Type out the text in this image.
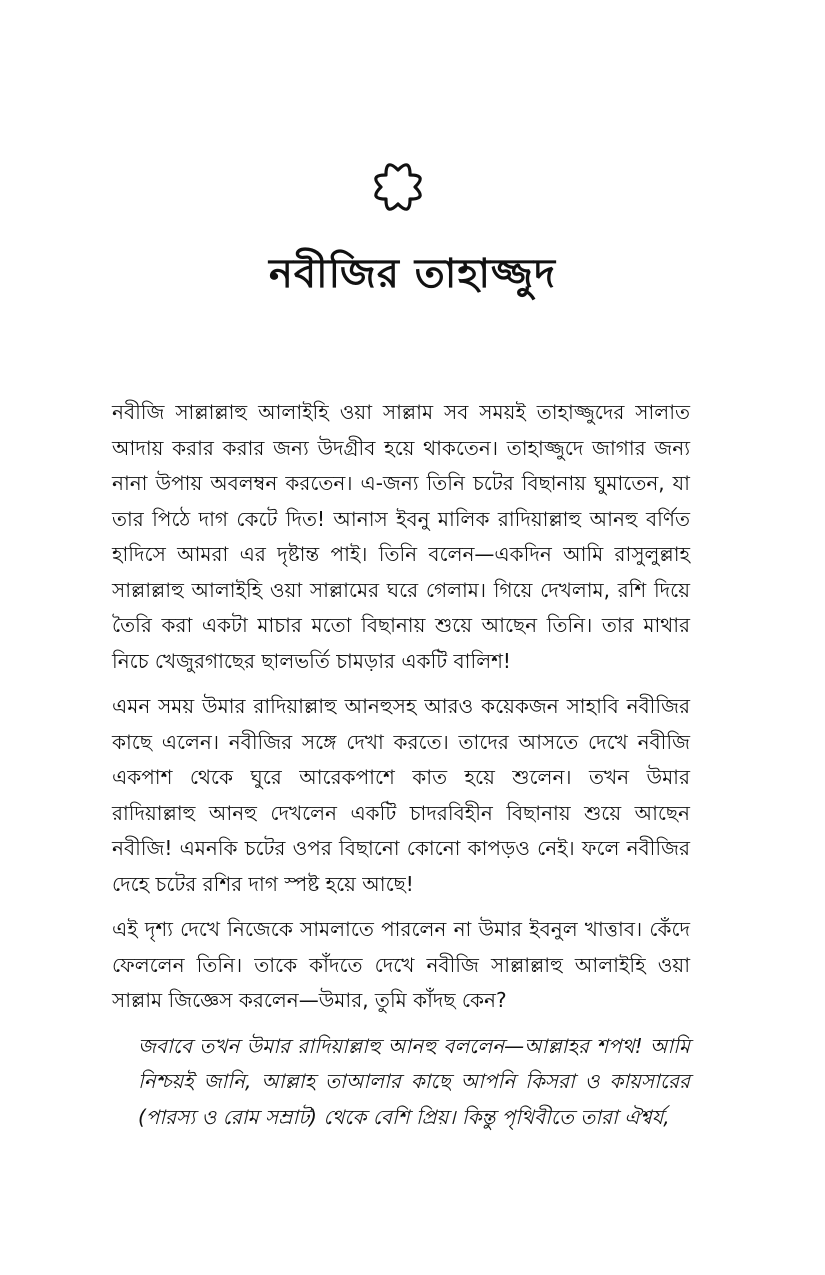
নবীজির তাহাজ্জুদ

নবীজি সাল্লাল্লাহু আলাইহি ওয়া সাল্লাম সব সময়ই তাহাজ্জুদের সালাত আদায় করার করার জন্য উদগ্রীব হয়ে থাকতেন। তাহাজ্জুদে জাগার জন্য নানা উপায় অবলম্বন করতেন। এ-জন্য তিনি চটের বিছানায় ঘুমাতেন, যা তার পিঠে দাগ কেটে দিত! আনাস ইবনু মালিক রাদিয়াল্লাহু আনহু বর্ণিত হাদিসে আমরা এর দৃষ্টান্ত পাই। তিনি বলেন—একদিন আমি রাসুলুল্লাহ সাল্লাল্লাহু আলাইহি ওয়া সাল্লামের ঘরে গেলাম। গিয়ে দেখলাম, রশি দিয়ে তৈরি করা একটা মাচার মতো বিছানায় শুয়ে আছেন তিনি। তার মাথার নিচে খেজুরগাছের ছালভর্তি চামড়ার একটি বালিশ!

এমন সময় উমার রাদিয়াল্লাহু আনহুসহ আরও কয়েকজন সাহাবি নবীজির কাছে এলেন। নবীজির সঙ্গে দেখা করতে। তাদের আসতে দেখে নবীজি একপাশ থেকে ঘুরে আরেকপাশে কাত হয়ে শুলেন। তখন উমার রাদিয়াল্লাহু আনহু দেখলেন একটি চাদরবিহীন বিছানায় শুয়ে আছেন নবীজি! এমনকি চটের ওপর বিছানো কোনো কাপড়ও নেই। ফলে নবীজির দেহে চটের রশির দাগ স্পষ্ট হয়ে আছে!

এই দৃশ্য দেখে নিজেকে সামলাতে পারলেন না উমার ইবনুল খাত্তাব। কেঁদে ফেললেন তিনি। তাকে কাঁদতে দেখে নবীজি সাল্লাল্লাহু আলাইহি ওয়া সাল্লাম জিজ্ঞেস করলেন—উমার, তুমি কাঁদছ কেন?

জবাবে তখন উমার রাদিয়াল্লাহু আনহু বললেন—আল্লাহর শপথ! আমি নিশ্চয়ই জানি, আল্লাহ তাআলার কাছে আপনি কিসরা ও কায়সারের (পারস্য ও রোম সম্রাট) থেকে বেশি প্রিয়। কিন্তু পৃথিবীতে তারা ঐশ্বর্য,
